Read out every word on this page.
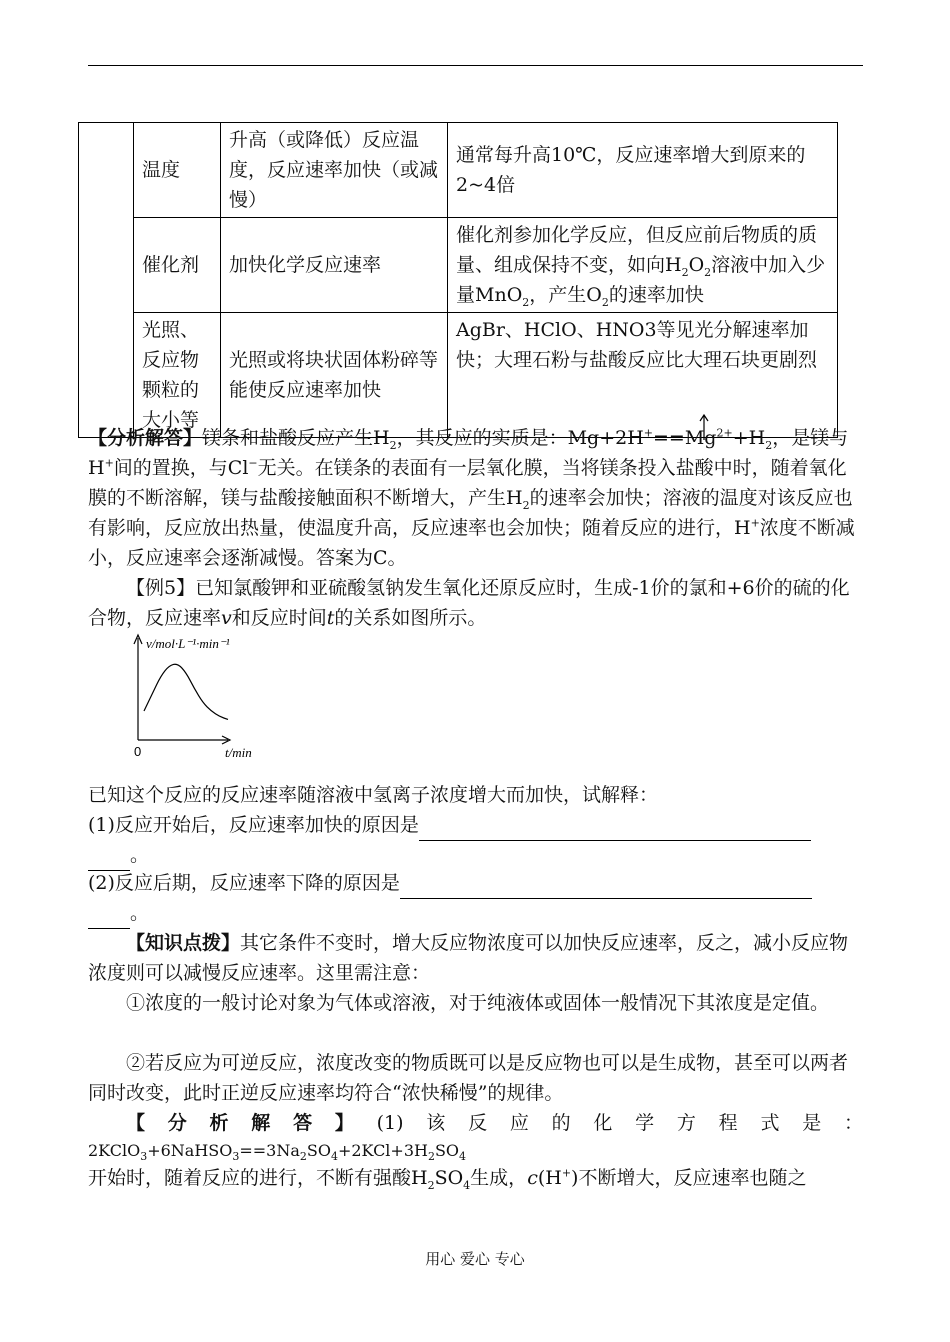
	温度	升高（或降低）反应温度，反应速率加快（或减慢）	通常每升高10℃，反应速率增大到原来的2~4倍
	催化剂	加快化学反应速率	催化剂参加化学反应，但反应前后物质的质量、组成保持不变，如向$H_2O_2$溶液中加入少量MnO$_2$，产生$O_2$的速率加快
	光照、反应物颗粒的大小等	光照或将块状固体粉碎等能使反应速率加快	AgBr、HClO、HNO3等见光分解速率加快；大理石粉与盐酸反应比大理石块更剧烈
【分析解答】镁条和盐酸反应产生$H_2$，其反应的实质是：$Mg+2H^+==Mg^{2+}+H_2$，是镁与H+间的置换，与Cl−无关。在镁条的表面有一层氧化膜，当将镁条投入盐酸中时，随着氧化膜的不断溶解，镁与盐酸接触面积不断增大，产生$H_2$的速率会加快；溶液的温度对该反应也有影响，反应放出热量，使温度升高，反应速率也会加快；随着反应的进行，H+浓度不断减小，反应速率会逐渐减慢。答案为C。
【例5】已知氯酸钾和亚硫酸氢钠发生氧化还原反应时，生成-1价的氯和+6价的硫的化合物，反应速率v和反应时间t的关系如图所示。
v/mol·L⁻¹·min⁻¹
0	t/min
已知这个反应的反应速率随溶液中氢离子浓度增大而加快，试解释：
(1)反应开始后，反应速率加快的原因是
。
(2)反应后期，反应速率下降的原因是
。
【知识点拨】其它条件不变时，增大反应物浓度可以加快反应速率，反之，减小反应物浓度则可以减慢反应速率。这里需注意：
①浓度的一般讨论对象为气体或溶液，对于纯液体或固体一般情况下其浓度是定值。
②若反应为可逆反应，浓度改变的物质既可以是反应物也可以是生成物，甚至可以两者同时改变，此时正逆反应速率均符合“浓快稀慢”的规律。
【分析解答】(1)该反应的化学方程式是：
$2KClO_3+6NaHSO_3==3Na_2SO_4+2KCl+3H_2SO_4$
开始时，随着反应的进行，不断有强酸$H_2SO_4$生成，c(H+)不断增大，反应速率也随之
用心 爱心 专心
